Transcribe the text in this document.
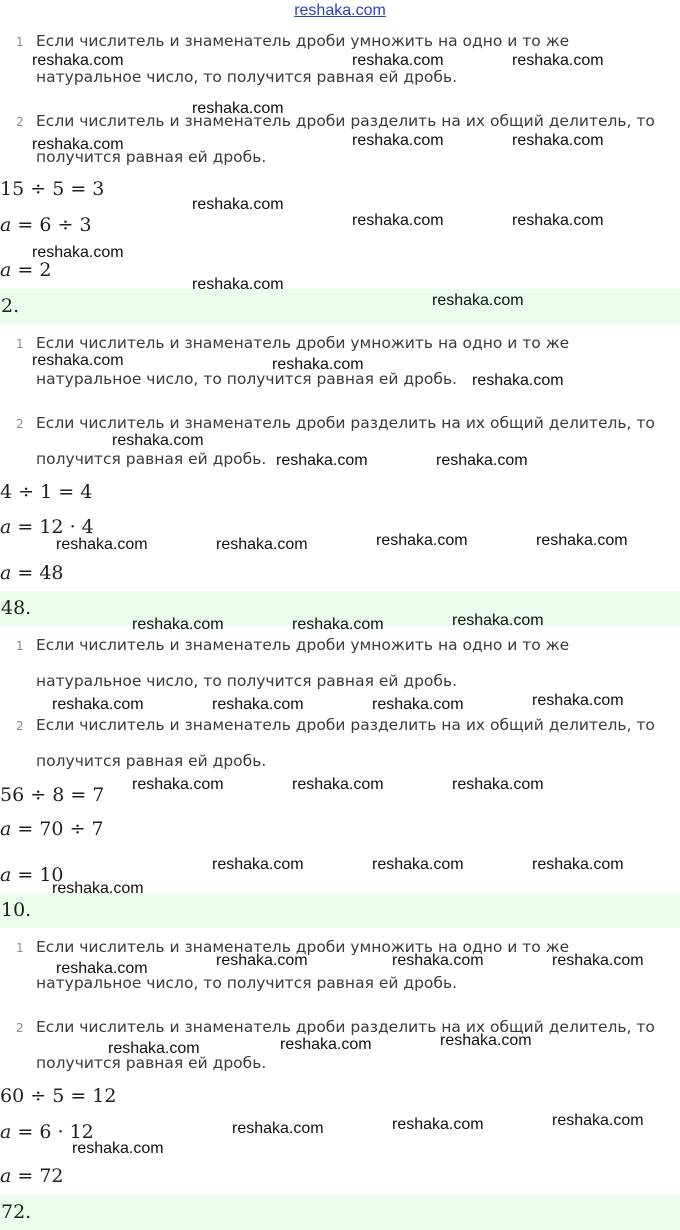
reshaka.com
1 Если числитель и знаменатель дроби умножить на одно и то же
натуральное число, то получится равная ей дробь.
2 Если числитель и знаменатель дроби разделить на их общий делитель, то
получится равная ей дробь.
15 ÷ 5 = 3
a = 6 ÷ 3
a = 2
2.
1 Если числитель и знаменатель дроби умножить на одно и то же
натуральное число, то получится равная ей дробь.
2 Если числитель и знаменатель дроби разделить на их общий делитель, то
получится равная ей дробь.
4 ÷ 1 = 4
a = 12 · 4
a = 48
48.
1 Если числитель и знаменатель дроби умножить на одно и то же
натуральное число, то получится равная ей дробь.
2 Если числитель и знаменатель дроби разделить на их общий делитель, то
получится равная ей дробь.
56 ÷ 8 = 7
a = 70 ÷ 7
a = 10
10.
1 Если числитель и знаменатель дроби умножить на одно и то же
натуральное число, то получится равная ей дробь.
2 Если числитель и знаменатель дроби разделить на их общий делитель, то
получится равная ей дробь.
60 ÷ 5 = 12
a = 6 · 12
a = 72
72.
reshaka.com	reshaka.com	reshaka.com
reshaka.com
reshaka.com	reshaka.com	reshaka.com
reshaka.com
reshaka.com	reshaka.com
reshaka.com
reshaka.com
reshaka.com
reshaka.com	reshaka.com
reshaka.com
reshaka.com
reshaka.com	reshaka.com
reshaka.com	reshaka.com	reshaka.com	reshaka.com
reshaka.com	reshaka.com	reshaka.com
reshaka.com	reshaka.com	reshaka.com	reshaka.com
reshaka.com	reshaka.com	reshaka.com
reshaka.com	reshaka.com	reshaka.com
reshaka.com
reshaka.com	reshaka.com	reshaka.com	reshaka.com
reshaka.com	reshaka.com	reshaka.com
reshaka.com	reshaka.com	reshaka.com
reshaka.com
